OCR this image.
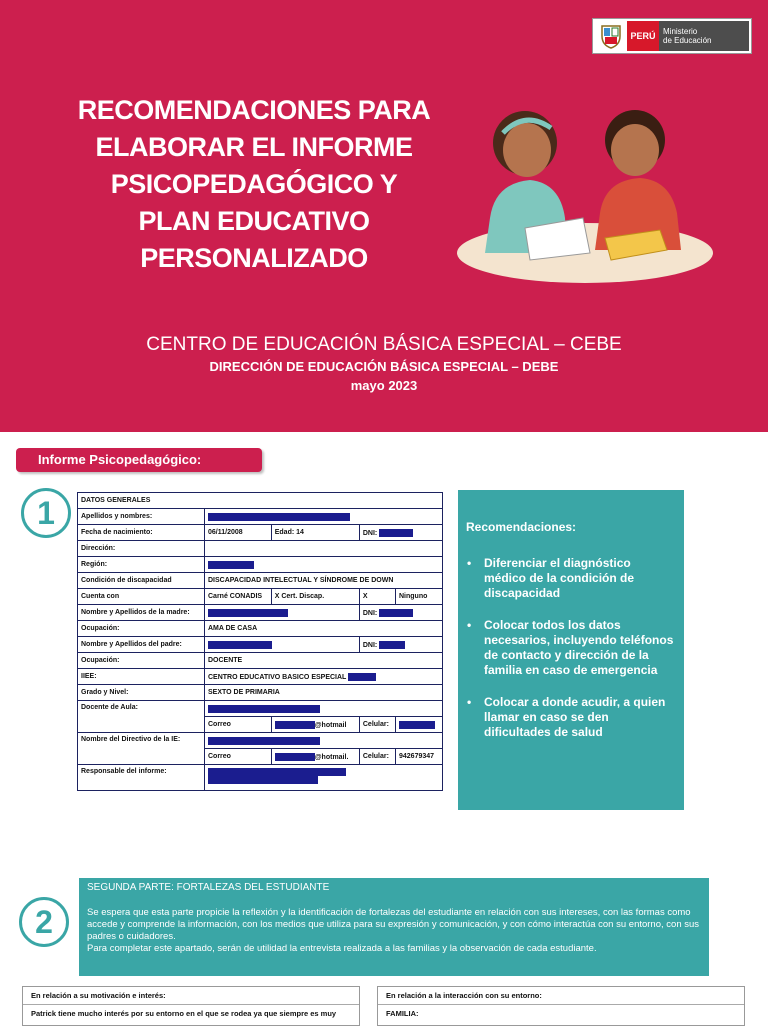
PERÚ Ministerio
de Educación
RECOMENDACIONES PARA
ELABORAR EL INFORME
PSICOPEDAGÓGICO Y
PLAN EDUCATIVO
PERSONALIZADO
CENTRO DE EDUCACIÓN BÁSICA ESPECIAL – CEBE
DIRECCIÓN DE EDUCACIÓN BÁSICA ESPECIAL – DEBE
mayo 2023
Informe Psicopedagógico:
1	DATOS GENERALES				
Apellidos y nombres:				
Fecha de nacimiento:	06/11/2008	Edad: 14	DNI:	
Dirección:				
Región:				
Condición de discapacidad	DISCAPACIDAD INTELECTUAL Y SÍNDROME DE DOWN			
Cuenta con	Carné CONADIS	X Cert. Discap.	X	Ninguno
Nombre y Apellidos de la madre:			DNI:	
Ocupación:	AMA DE CASA			
Nombre y Apellidos del padre:			DNI:	
Ocupación:	DOCENTE			
IIEE:	CENTRO EDUCATIVO BASICO ESPECIAL			
Grado y Nivel:	SEXTO DE PRIMARIA			
Docente de Aula:				
	Correo	@hotmail	Celular:	
Nombre del Directivo de la IE:				
	Correo	@hotmail.	Celular:	942679347
Responsable del informe:				

Recomendaciones:
• Diferenciar el diagnóstico médico de la condición de discapacidad
• Colocar todos los datos necesarios, incluyendo teléfonos de contacto y dirección de la familia en caso de emergencia
• Colocar a donde acudir, a quien llamar en caso se den dificultades de salud
2
SEGUNDA PARTE: FORTALEZAS DEL ESTUDIANTE
Se espera que esta parte propicie la reflexión y la identificación de fortalezas del estudiante en relación con sus intereses, con las formas como accede y comprende la información, con los medios que utiliza para su expresión y comunicación, y con cómo interactúa con su entorno, con sus padres o cuidadores.
Para completar este apartado, serán de utilidad la entrevista realizada a las familias y la observación de cada estudiante.
En relación a su motivación e interés:
Patrick tiene mucho interés por su entorno en el que se rodea ya que siempre es muy
En relación a la interacción con su entorno:
FAMILIA:
